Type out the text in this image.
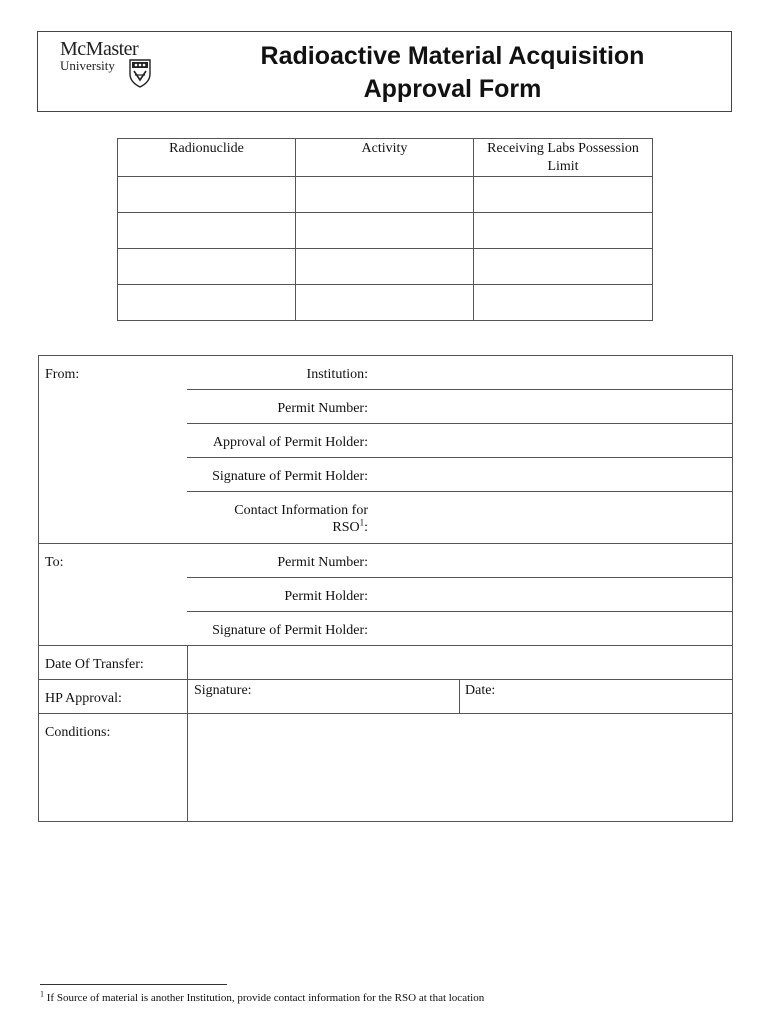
McMaster
University	Radioactive Material Acquisition
Approval Form
Radionuclide	Activity	Receiving Labs Possession Limit

From:	Institution:
Permit Number:
Approval of Permit Holder:
Signature of Permit Holder:
Contact Information for
RSO$^1$:
To:	Permit Number:
Permit Holder:
Signature of Permit Holder:
Date Of Transfer:
HP Approval:
Signature:	Date:
Conditions:
$^1$ If Source of material is another Institution, provide contact information for the RSO at that location
